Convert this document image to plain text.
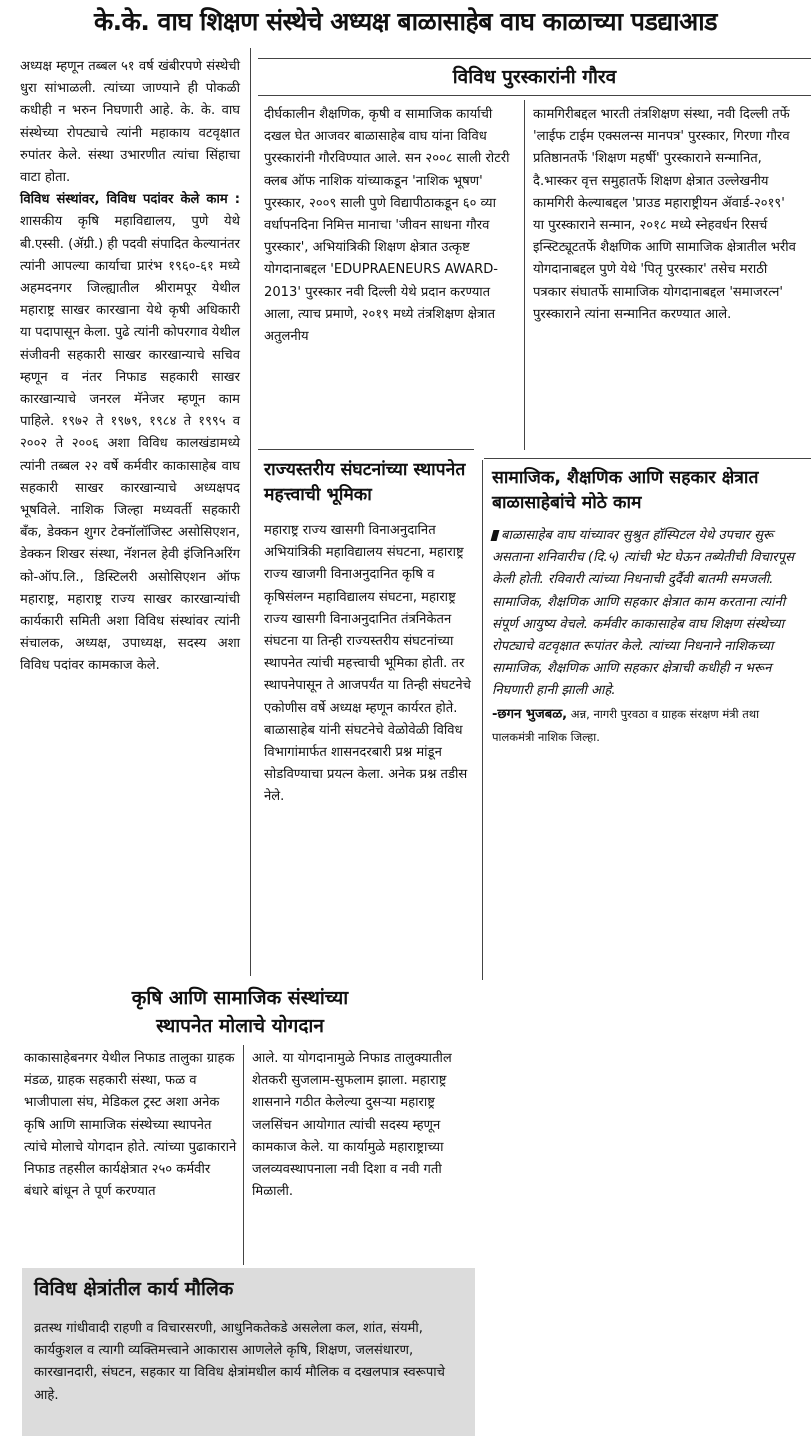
के.के. वाघ शिक्षण संस्थेचे अध्यक्ष बाळासाहेब वाघ काळाच्या पडद्याआड

अध्यक्ष म्हणून तब्बल ५१ वर्ष खंबीरपणे संस्थेची धुरा सांभाळली. त्यांच्या जाण्याने ही पोकळी कधीही न भरुन निघणारी आहे. के. के. वाघ संस्थेच्या रोपट्याचे त्यांनी महाकाय वटवृक्षात रुपांतर केले. संस्था उभारणीत त्यांचा सिंहाचा वाटा होता.

विविध संस्थांवर, विविध पदांवर केले काम : शासकीय कृषि महाविद्यालय, पुणे येथे बी.एस्सी. (ॲग्री.) ही पदवी संपादित केल्यानंतर त्यांनी आपल्या कार्याचा प्रारंभ १९६०-६१ मध्ये अहमदनगर जिल्ह्यातील श्रीरामपूर येथील महाराष्ट्र साखर कारखाना येथे कृषी अधिकारी या पदापासून केला. पुढे त्यांनी कोपरगाव येथील संजीवनी सहकारी साखर कारखान्याचे सचिव म्हणून व नंतर निफाड सहकारी साखर कारखान्याचे जनरल मॅनेजर म्हणून काम पाहिले. १९७२ ते १९७९, १९८४ ते १९९५ व २००२ ते २००६ अशा विविध कालखंडामध्ये त्यांनी तब्बल २२ वर्षे कर्मवीर काकासाहेब वाघ सहकारी साखर कारखान्याचे अध्यक्षपद भूषविले. नाशिक जिल्हा मध्यवर्ती सहकारी बँक, डेक्कन शुगर टेक्नॉलॉजिस्ट असोसिएशन, डेक्कन शिखर संस्था, नॅशनल हेवी इंजिनिअरिंग को-ऑप.लि., डिस्टिलरी असोसिएशन ऑफ महाराष्ट्र, महाराष्ट्र राज्य साखर कारखान्यांची कार्यकारी समिती अशा विविध संस्थांवर त्यांनी संचालक, अध्यक्ष, उपाध्यक्ष, सदस्य अशा विविध पदांवर कामकाज केले.

विविध पुरस्कारांनी गौरव
दीर्घकालीन शैक्षणिक, कृषी व सामाजिक कार्याची दखल घेत आजवर बाळासाहेब वाघ यांना विविध पुरस्कारांनी गौरविण्यात आले. सन २००८ साली रोटरी क्लब ऑफ नाशिक यांच्याकडून 'नाशिक भूषण' पुरस्कार, २००९ साली पुणे विद्यापीठाकडून ६० व्या वर्धापनदिना निमित्त मानाचा 'जीवन साधना गौरव पुरस्कार', अभियांत्रिकी शिक्षण क्षेत्रात उत्कृष्ट योगदानाबद्दल 'EDUPRAENEURS AWARD-2013' पुरस्कार नवी दिल्ली येथे प्रदान करण्यात आला, त्याच प्रमाणे, २०१९ मध्ये तंत्रशिक्षण क्षेत्रात अतुलनीय
कामगिरीबद्दल भारती तंत्रशिक्षण संस्था, नवी दिल्ली तर्फे 'लाईफ टाईम एक्सलन्स मानपत्र' पुरस्कार, गिरणा गौरव प्रतिष्ठानतर्फे 'शिक्षण महर्षी' पुरस्काराने सन्मानित, दै.भास्कर वृत्त समुहातर्फे शिक्षण क्षेत्रात उल्लेखनीय कामगिरी केल्याबद्दल 'प्राउड महाराष्ट्रीयन ॲवार्ड-२०१९' या पुरस्काराने सन्मान, २०१८ मध्ये स्नेहवर्धन रिसर्च इन्स्टिट्यूटतर्फे शैक्षणिक आणि सामाजिक क्षेत्रातील भरीव योगदानाबद्दल पुणे येथे 'पितृ पुरस्कार' तसेच मराठी पत्रकार संघातर्फे सामाजिक योगदानाबद्दल 'समाजरत्न' पुरस्काराने त्यांना सन्मानित करण्यात आले.
राज्यस्तरीय संघटनांच्या स्थापनेत महत्त्वाची भूमिका
महाराष्ट्र राज्य खासगी विनाअनुदानित अभियांत्रिकी महाविद्यालय संघटना, महाराष्ट्र राज्य खाजगी विनाअनुदानित कृषि व कृषिसंलग्न महाविद्यालय संघटना, महाराष्ट्र राज्य खासगी विनाअनुदानित तंत्रनिकेतन संघटना या तिन्ही राज्यस्तरीय संघटनांच्या स्थापनेत त्यांची महत्त्वाची भूमिका होती. तर स्थापनेपासून ते आजपर्यंत या तिन्ही संघटनेचे एकोणीस वर्षे अध्यक्ष म्हणून कार्यरत होते. बाळासाहेब यांनी संघटनेचे वेळोवेळी विविध विभागांमार्फत शासनदरबारी प्रश्न मांडून सोडविण्याचा प्रयत्न केला. अनेक प्रश्न तडीस नेले.
सामाजिक, शैक्षणिक आणि सहकार क्षेत्रात बाळासाहेबांचे मोठे काम
बाळासाहेब वाघ यांच्यावर सुश्रुत हॉस्पिटल येथे उपचार सुरू असताना शनिवारीच (दि.५) त्यांची भेट घेऊन तब्येतीची विचारपूस केली होती. रविवारी त्यांच्या निधनाची दुर्दैवी बातमी समजली. सामाजिक, शैक्षणिक आणि सहकार क्षेत्रात काम करताना त्यांनी संपूर्ण आयुष्य वेचले. कर्मवीर काकासाहेब वाघ शिक्षण संस्थेच्या रोपट्याचे वटवृक्षात रूपांतर केले. त्यांच्या निधनाने नाशिकच्या सामाजिक, शैक्षणिक आणि सहकार क्षेत्राची कधीही न भरून निघणारी हानी झाली आहे.
-छगन भुजबळ, अन्न, नागरी पुरवठा व ग्राहक संरक्षण मंत्री तथा पालकमंत्री नाशिक जिल्हा.
कृषि आणि सामाजिक संस्थांच्या
स्थापनेत मोलाचे योगदान
काकासाहेबनगर येथील निफाड तालुका ग्राहक मंडळ, ग्राहक सहकारी संस्था, फळ व भाजीपाला संघ, मेडिकल ट्रस्ट अशा अनेक कृषि आणि सामाजिक संस्थेच्या स्थापनेत त्यांचे मोलाचे योगदान होते. त्यांच्या पुढाकाराने निफाड तहसील कार्यक्षेत्रात २५० कर्मवीर बंधारे बांधून ते पूर्ण करण्यात
आले. या योगदानामुळे निफाड तालुक्यातील शेतकरी सुजलाम-सुफलाम झाला. महाराष्ट्र शासनाने गठीत केलेल्या दुसऱ्या महाराष्ट्र जलसिंचन आयोगात त्यांची सदस्य म्हणून कामकाज केले. या कार्यामुळे महाराष्ट्राच्या जलव्यवस्थापनाला नवी दिशा व नवी गती मिळाली.
विविध क्षेत्रांतील कार्य मौलिक
व्रतस्थ गांधीवादी राहणी व विचारसरणी, आधुनिकतेकडे असलेला कल, शांत, संयमी, कार्यकुशल व त्यागी व्यक्तिमत्त्वाने आकारास आणलेले कृषि, शिक्षण, जलसंधारण, कारखानदारी, संघटन, सहकार या विविध क्षेत्रांमधील कार्य मौलिक व दखलपात्र स्वरूपाचे आहे.
